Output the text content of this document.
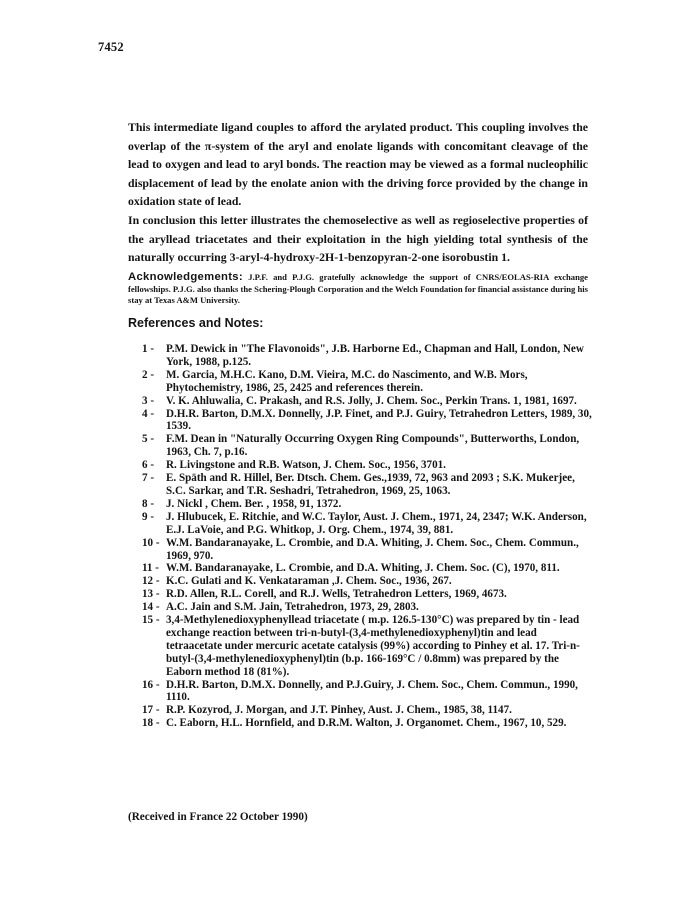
7452

This intermediate ligand couples to afford the arylated product. This coupling involves the overlap of the π-system of the aryl and enolate ligands with concomitant cleavage of the lead to oxygen and lead to aryl bonds. The reaction may be viewed as a formal nucleophilic displacement of lead by the enolate anion with the driving force provided by the change in oxidation state of lead.

In conclusion this letter illustrates the chemoselective as well as regioselective properties of the aryllead triacetates and their exploitation in the high yielding total synthesis of the naturally occurring 3-aryl-4-hydroxy-2H-1-benzopyran-2-one isorobustin 1.

Acknowledgements: J.P.F. and P.J.G. gratefully acknowledge the support of CNRS/EOLAS-RIA exchange fellowships. P.J.G. also thanks the Schering-Plough Corporation and the Welch Foundation for financial assistance during his stay at Texas A&M University.
References and Notes:
1 -	P.M. Dewick in "The Flavonoids", J.B. Harborne Ed., Chapman and Hall, London, New York, 1988, p.125.
2 -	M. Garcia, M.H.C. Kano, D.M. Vieira, M.C. do Nascimento, and W.B. Mors, Phytochemistry, 1986, 25, 2425 and references therein.
3 -	V. K. Ahluwalia, C. Prakash, and R.S. Jolly, J. Chem. Soc., Perkin Trans. 1, 1981, 1697.
4 -	D.H.R. Barton, D.M.X. Donnelly, J.P. Finet, and P.J. Guiry, Tetrahedron Letters, 1989, 30, 1539.
5 -	F.M. Dean in "Naturally Occurring Oxygen Ring Compounds", Butterworths, London, 1963, Ch. 7, p.16.
6 -	R. Livingstone and R.B. Watson, J. Chem. Soc., 1956, 3701.
7 -	E. Späth and R. Hillel, Ber. Dtsch. Chem. Ges.,1939, 72, 963 and 2093 ; S.K. Mukerjee, S.C. Sarkar, and T.R. Seshadri, Tetrahedron, 1969, 25, 1063.
8 -	J. Nickl , Chem. Ber. , 1958, 91, 1372.
9 -	J. Hlubucek, E. Ritchie, and W.C. Taylor, Aust. J. Chem., 1971, 24, 2347; W.K. Anderson, E.J. LaVoie, and P.G. Whitkop, J. Org. Chem., 1974, 39, 881.
10 - W.M. Bandaranayake, L. Crombie, and D.A. Whiting, J. Chem. Soc., Chem. Commun., 1969, 970.
11 - W.M. Bandaranayake, L. Crombie, and D.A. Whiting, J. Chem. Soc. (C), 1970, 811.
12 - K.C. Gulati and K. Venkataraman ,J. Chem. Soc., 1936, 267.
13 - R.D. Allen, R.L. Corell, and R.J. Wells, Tetrahedron Letters, 1969, 4673.
14 - A.C. Jain and S.M. Jain, Tetrahedron, 1973, 29, 2803.
15 - 3,4-Methylenedioxyphenyllead triacetate ( m.p. 126.5-130°C) was prepared by tin - lead exchange reaction between tri-n-butyl-(3,4-methylenedioxyphenyl)tin and lead tetraacetate under mercuric acetate catalysis (99%) according to Pinhey et al. 17. Tri-n-butyl-(3,4-methylenedioxyphenyl)tin (b.p. 166-169°C / 0.8mm) was prepared by the Eaborn method 18 (81%).
16 - D.H.R. Barton, D.M.X. Donnelly, and P.J.Guiry, J. Chem. Soc., Chem. Commun., 1990, 1110.
17 - R.P. Kozyrod, J. Morgan, and J.T. Pinhey, Aust. J. Chem., 1985, 38, 1147.
18 - C. Eaborn, H.L. Hornfield, and D.R.M. Walton, J. Organomet. Chem., 1967, 10, 529.
(Received in France 22 October 1990)
